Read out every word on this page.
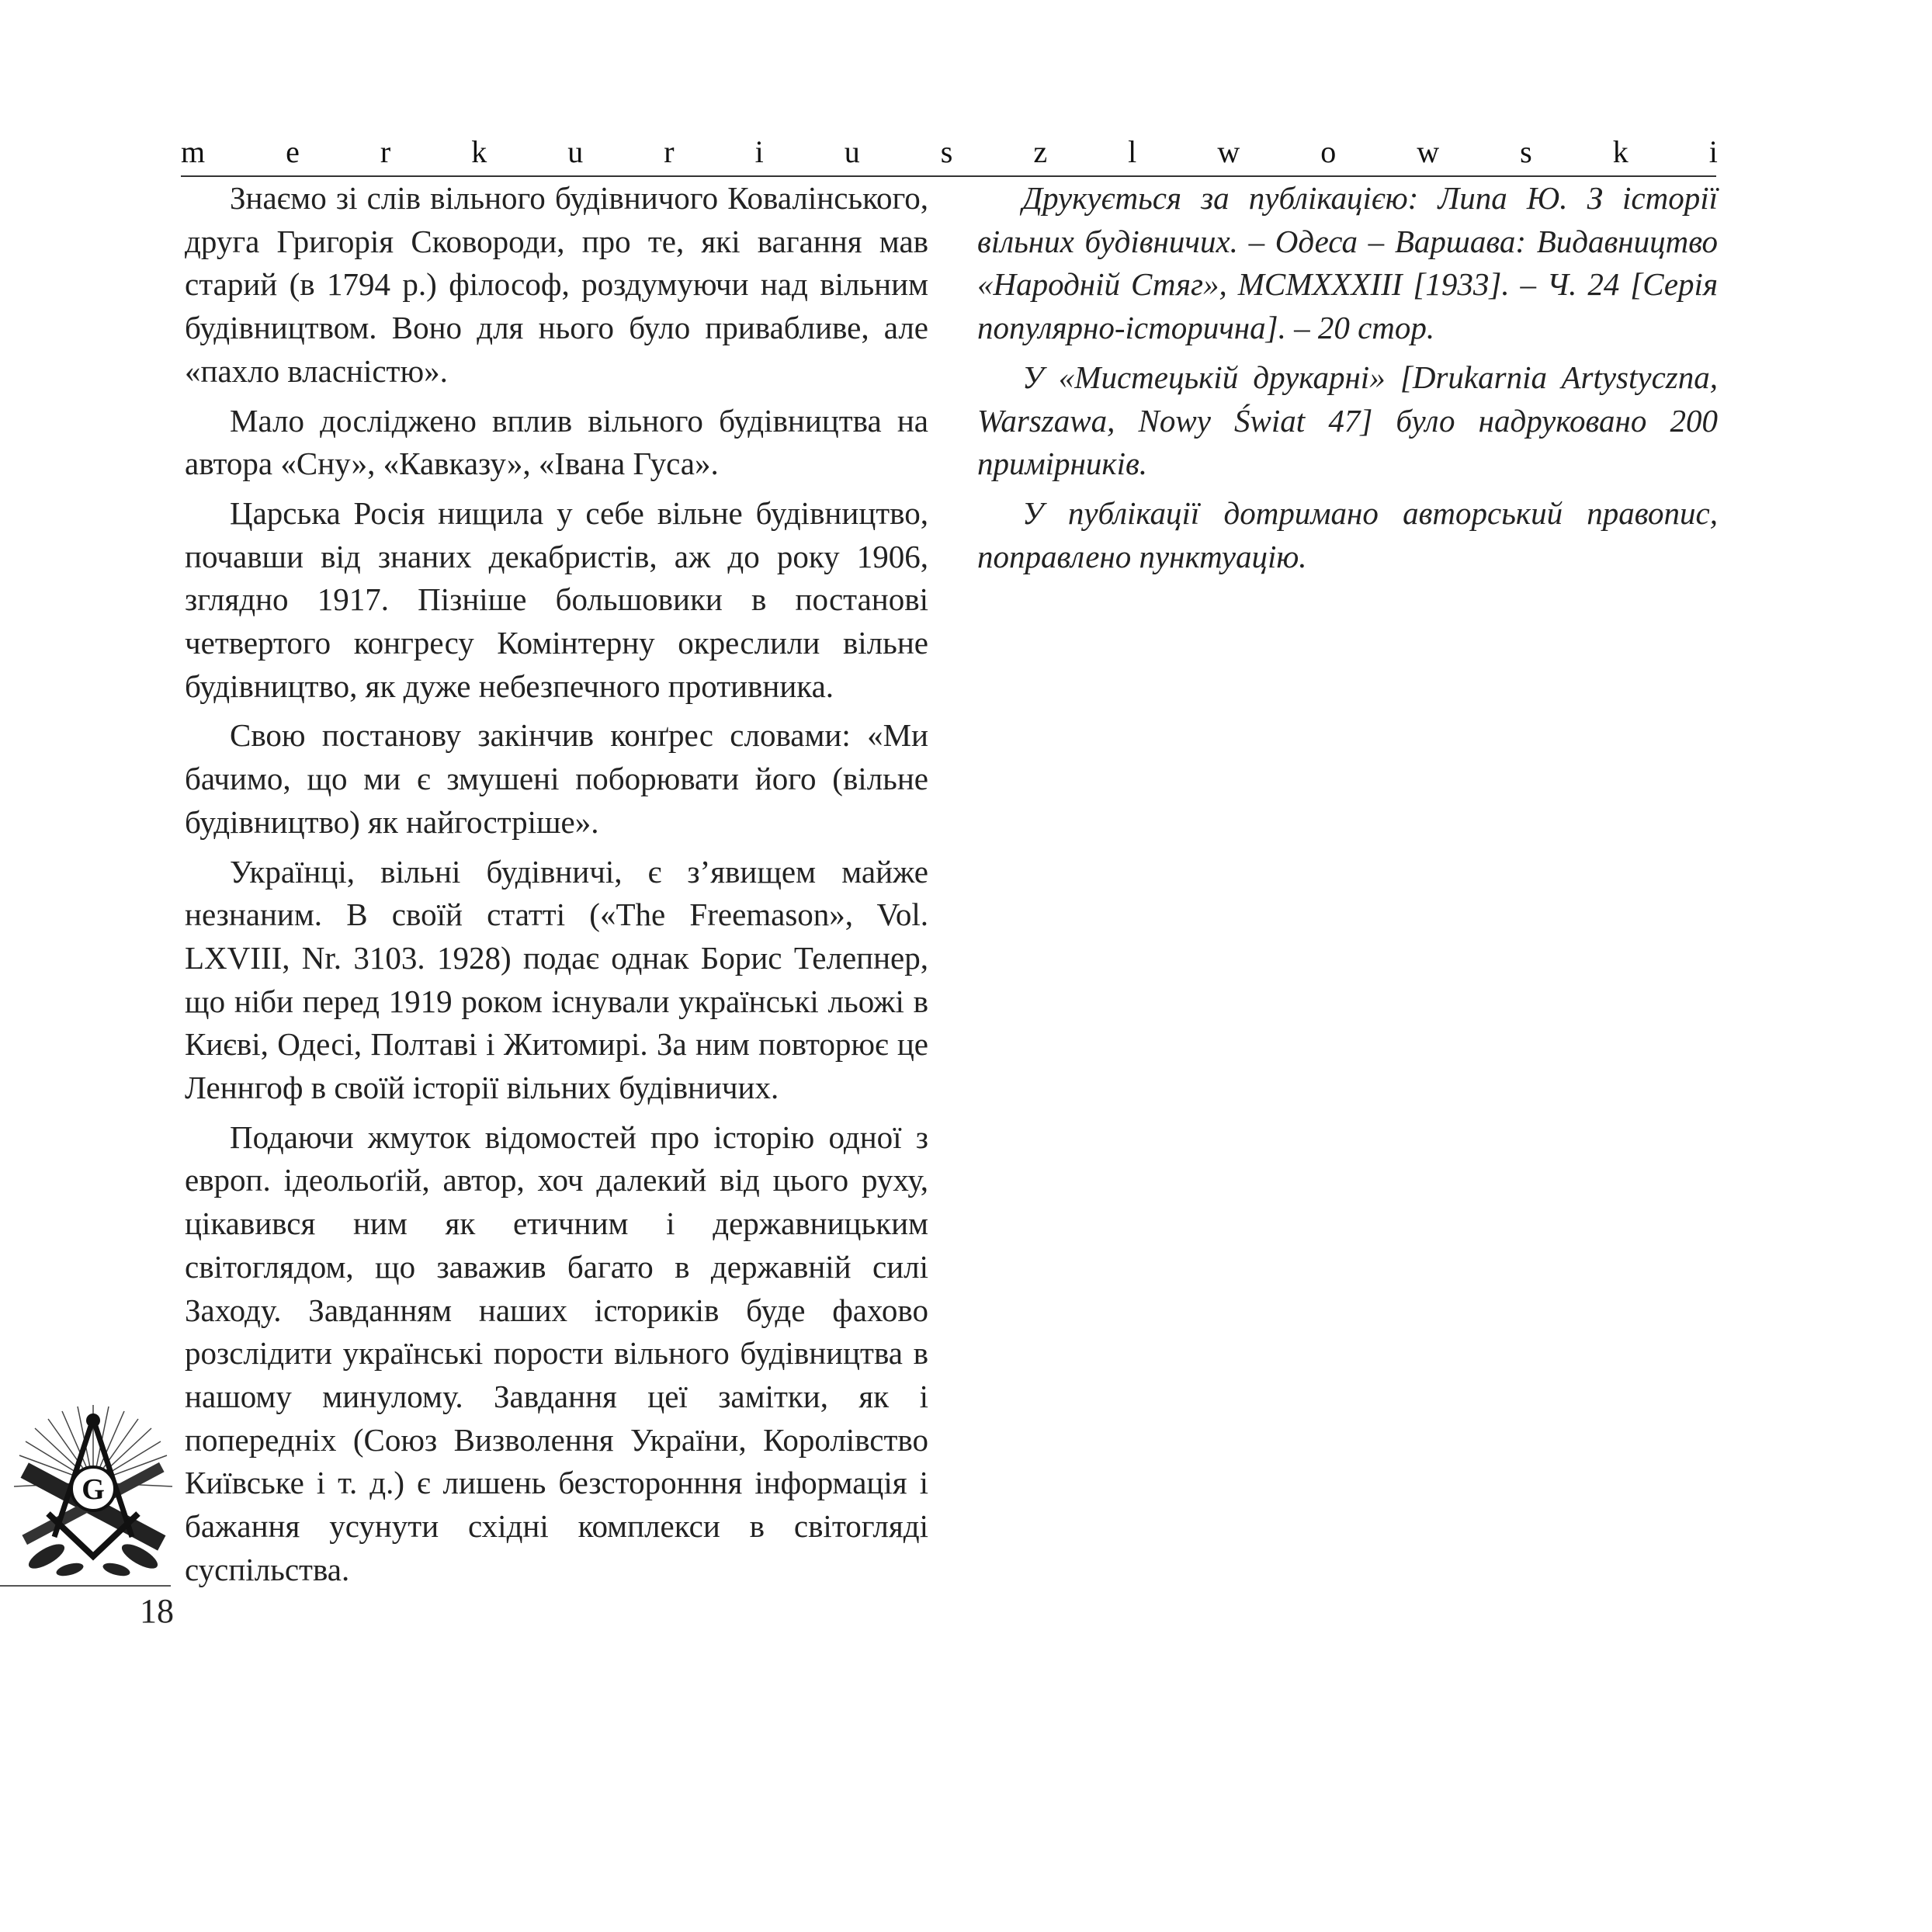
m	e	r	k	u	r	i	u	s	z	l	w	o	w	s	k	i

Знаємо зі слів вільного будівничого Ковалінського, друга Григорія Сковороди, про те, які вагання мав старий (в 1794 р.) філософ, роздумуючи над вільним будівництвом. Воно для нього було привабливе, але «пахло власністю».

Мало досліджено вплив вільного будівництва на автора «Сну», «Кавказу», «Івана Гуса».

Царська Росія нищила у себе вільне будівництво, почавши від знаних декабристів, аж до року 1906, зглядно 1917. Пізніше большовики в постанові четвертого конгресу Комінтерну окреслили вільне будівництво, як дуже небезпечного противника.

Свою постанову закінчив конґрес словами: «Ми бачимо, що ми є змушені поборювати його (вільне будівництво) як найгостріше».

Українці, вільні будівничі, є з’явищем майже незнаним. В своїй статті («The Freemason», Vol. LXVIII, Nr. 3103. 1928) подає однак Борис Телепнер, що ніби перед 1919 роком існували українські льожі в Києві, Одесі, Полтаві і Житомирі. За ним повторює це Леннгоф в своїй історії вільних будівничих.

Подаючи жмуток відомостей про історію одної з европ. ідеольоґій, автор, хоч далекий від цього руху, цікавився ним як етичним і державницьким світоглядом, що заважив багато в державній силі Заходу. Завданням наших істориків буде фахово розслідити українські пороcти вільного будівництва в нашому минулому. Завдання цеї замітки, як і попередніх (Союз Визволення України, Королівство Київське і т. д.) є лишень безсторонння інформація і бажання усунути східні комплекси в світогляді суспільства.

Друкується за публікацією: Липа Ю. З історії вільних будівничих. – Одеса – Варшава: Видавництво «Народній Стяг», MCMXXXIII [1933]. – Ч. 24 [Серія популярно-історична]. – 20 стор.

У «Мистецькій друкарні» [Drukarnia Artystyczna, Warszawa, Nowy Świat 47] було надруковано 200 примірників.

У публікації дотримано авторський правопис, поправлено пунктуацію.

G
18
